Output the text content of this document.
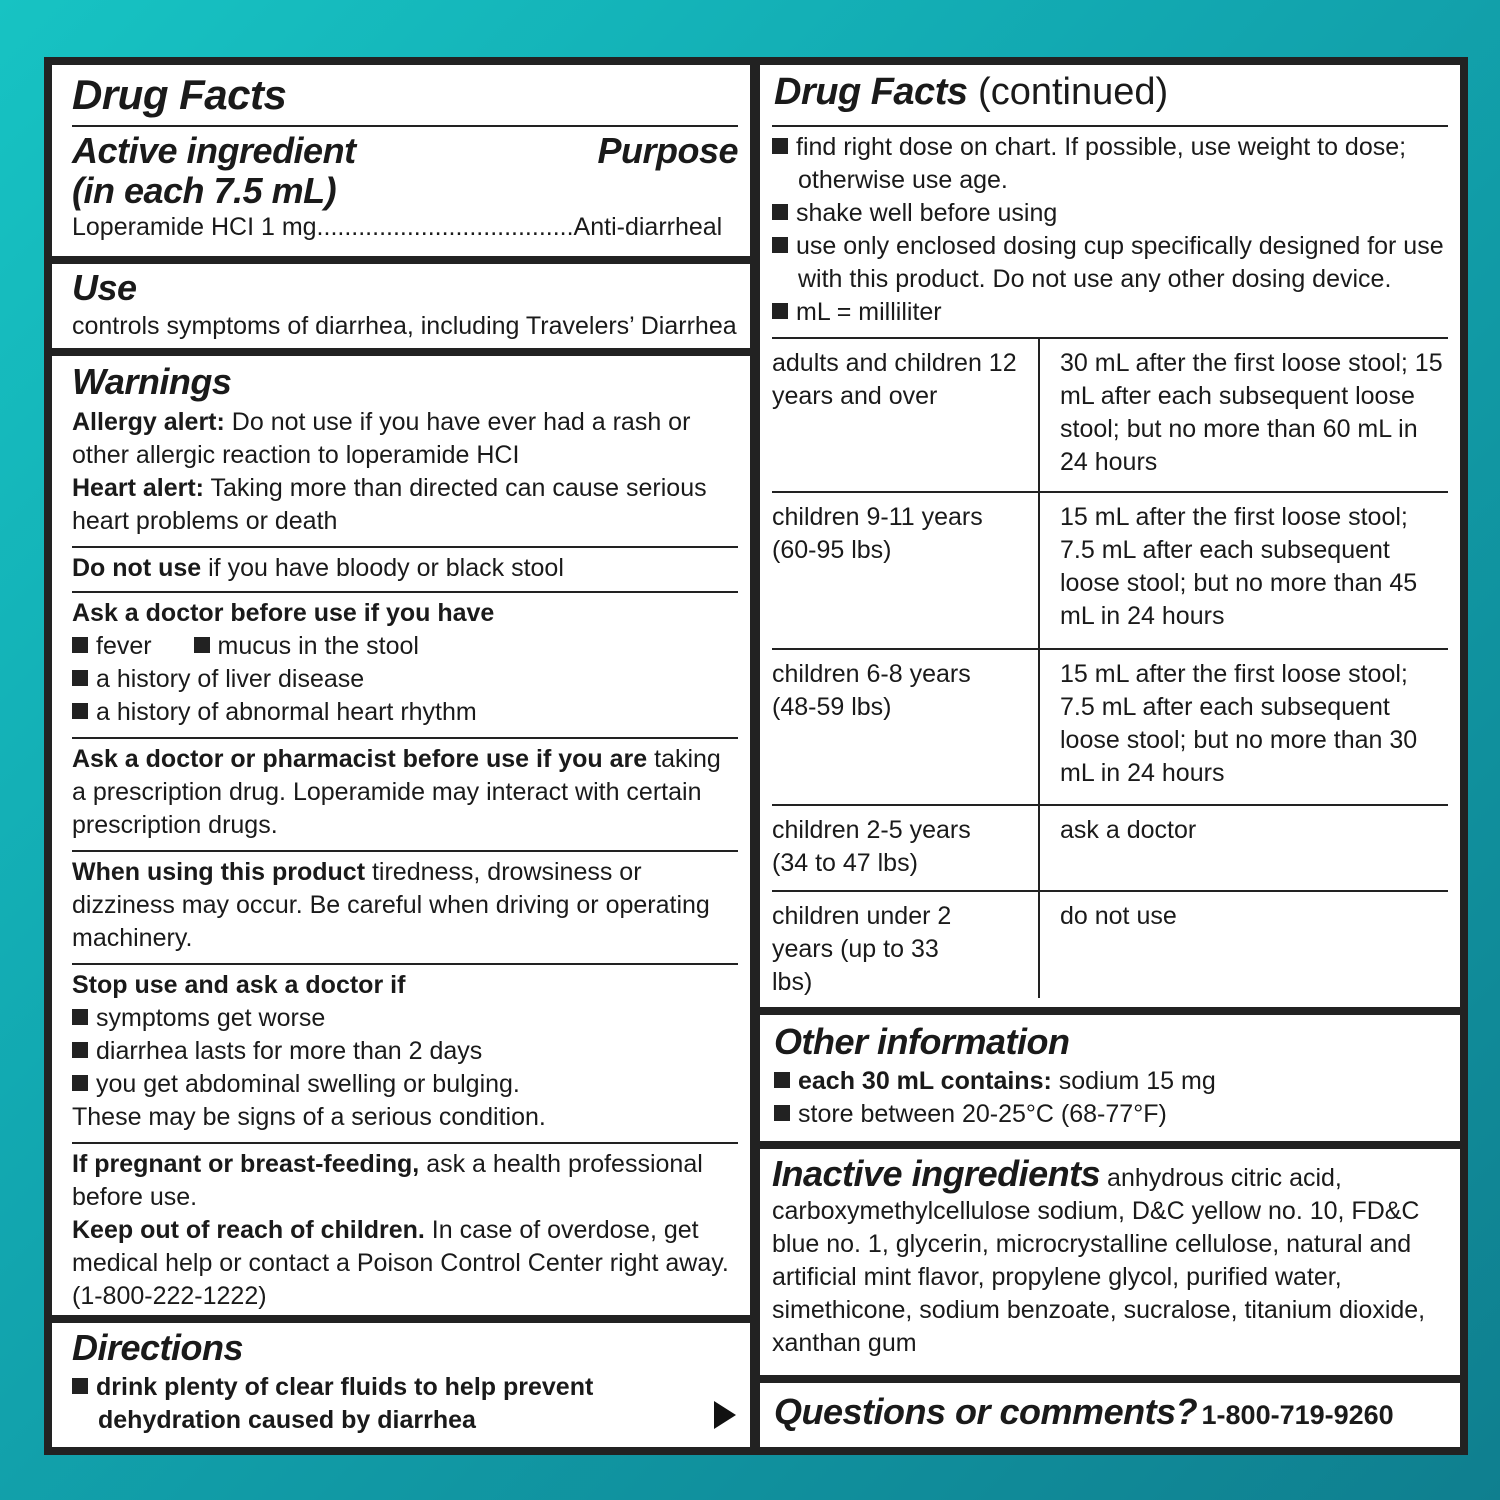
Drug Facts
Active ingredient
(in each 7.5 mL)
Purpose
Loperamide HCI 1 mg.....................................Anti-diarrheal
Use
controls symptoms of diarrhea, including Travelers’ Diarrhea
Warnings
Allergy alert: Do not use if you have ever had a rash or other allergic reaction to loperamide HCI
Heart alert: Taking more than directed can cause serious heart problems or death
Do not use if you have bloody or black stool
Ask a doctor before use if you have
fever	mucus in the stool
a history of liver disease
a history of abnormal heart rhythm
Ask a doctor or pharmacist before use if you are taking a prescription drug. Loperamide may interact with certain prescription drugs.
When using this product tiredness, drowsiness or dizziness may occur. Be careful when driving or operating machinery.
Stop use and ask a doctor if
symptoms get worse
diarrhea lasts for more than 2 days
you get abdominal swelling or bulging.
These may be signs of a serious condition.
If pregnant or breast-feeding, ask a health professional before use.
Keep out of reach of children. In case of overdose, get medical help or contact a Poison Control Center right away. (1-800-222-1222)
Directions
drink plenty of clear fluids to help prevent dehydration caused by diarrhea
Drug Facts (continued)
find right dose on chart. If possible, use weight to dose; otherwise use age.
shake well before using
use only enclosed dosing cup specifically designed for use with this product. Do not use any other dosing device.
mL = milliliter
adults and children 12 years and over
30 mL after the first loose stool; 15 mL after each subsequent loose stool; but no more than 60 mL in 24 hours
children 9-11 years (60-95 lbs)
15 mL after the first loose stool; 7.5 mL after each subsequent loose stool; but no more than 45 mL in 24 hours
children 6-8 years (48-59 lbs)
15 mL after the first loose stool; 7.5 mL after each subsequent loose stool; but no more than 30 mL in 24 hours
children 2-5 years (34 to 47 lbs)
ask a doctor
children under 2 years (up to 33 lbs)
do not use
Other information
each 30 mL contains: sodium 15 mg
store between 20-25°C (68-77°F)
Inactive ingredients anhydrous citric acid, carboxymethylcellulose sodium, D&C yellow no. 10, FD&C blue no. 1, glycerin, microcrystalline cellulose, natural and artificial mint flavor, propylene glycol, purified water, simethicone, sodium benzoate, sucralose, titanium dioxide, xanthan gum
Questions or comments? 1-800-719-9260
